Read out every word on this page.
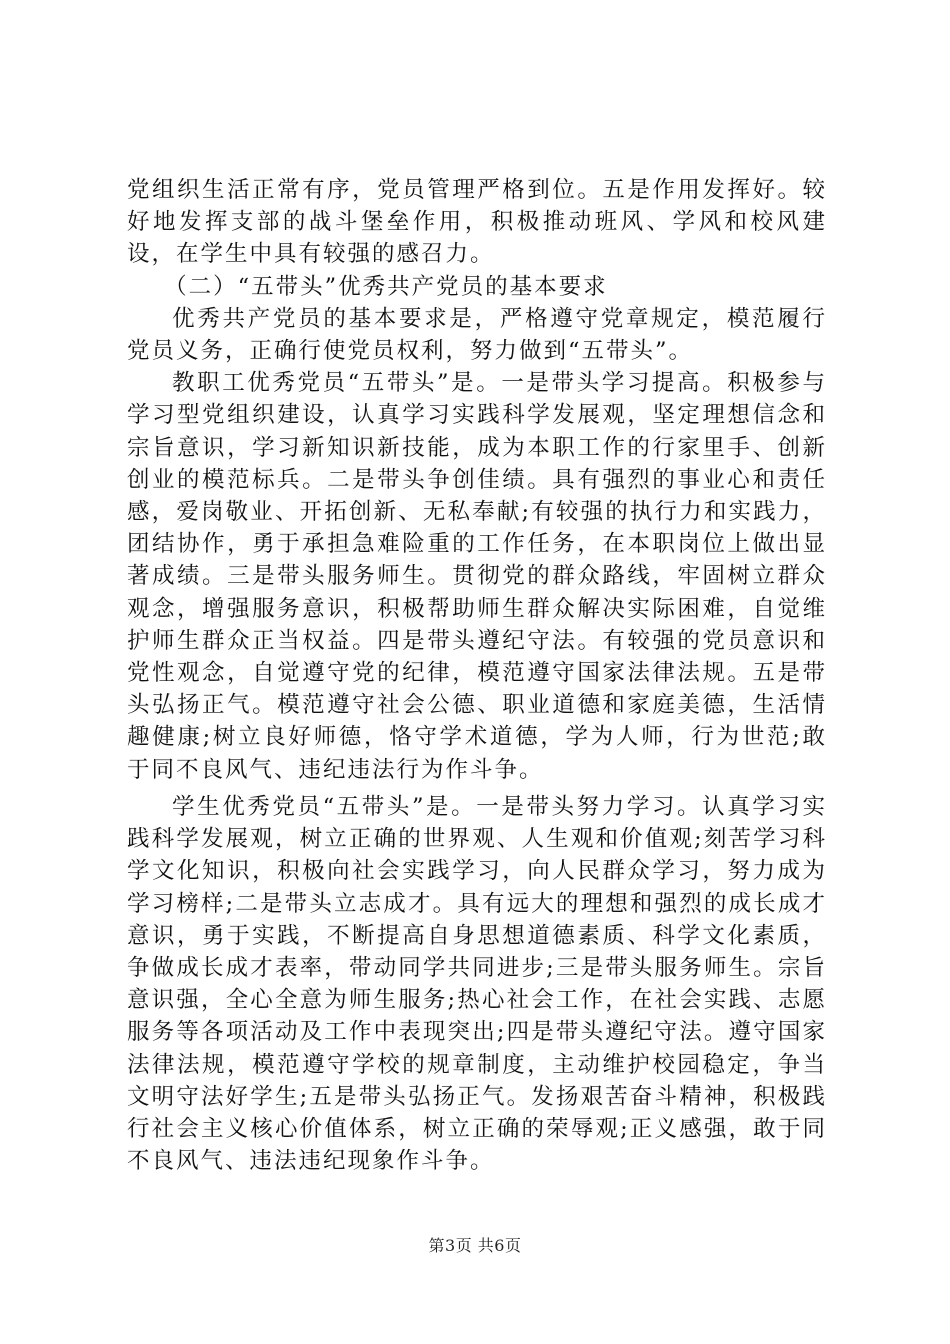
党组织生活正常有序，党员管理严格到位。五是作用发挥好。较好地发挥支部的战斗堡垒作用，积极推动班风、学风和校风建设，在学生中具有较强的感召力。

（二）“五带头”优秀共产党员的基本要求

优秀共产党员的基本要求是，严格遵守党章规定，模范履行党员义务，正确行使党员权利，努力做到“五带头”。

教职工优秀党员“五带头”是。一是带头学习提高。积极参与学习型党组织建设，认真学习实践科学发展观，坚定理想信念和宗旨意识，学习新知识新技能，成为本职工作的行家里手、创新创业的模范标兵。二是带头争创佳绩。具有强烈的事业心和责任感，爱岗敬业、开拓创新、无私奉献;有较强的执行力和实践力，团结协作，勇于承担急难险重的工作任务，在本职岗位上做出显著成绩。三是带头服务师生。贯彻党的群众路线，牢固树立群众观念，增强服务意识，积极帮助师生群众解决实际困难，自觉维护师生群众正当权益。四是带头遵纪守法。有较强的党员意识和党性观念，自觉遵守党的纪律，模范遵守国家法律法规。五是带头弘扬正气。模范遵守社会公德、职业道德和家庭美德，生活情趣健康;树立良好师德，恪守学术道德，学为人师，行为世范;敢于同不良风气、违纪违法行为作斗争。

学生优秀党员“五带头”是。一是带头努力学习。认真学习实践科学发展观，树立正确的世界观、人生观和价值观;刻苦学习科学文化知识，积极向社会实践学习，向人民群众学习，努力成为学习榜样;二是带头立志成才。具有远大的理想和强烈的成长成才意识，勇于实践，不断提高自身思想道德素质、科学文化素质，争做成长成才表率，带动同学共同进步;三是带头服务师生。宗旨意识强，全心全意为师生服务;热心社会工作，在社会实践、志愿服务等各项活动及工作中表现突出;四是带头遵纪守法。遵守国家法律法规，模范遵守学校的规章制度，主动维护校园稳定，争当文明守法好学生;五是带头弘扬正气。发扬艰苦奋斗精神，积极践行社会主义核心价值体系，树立正确的荣辱观;正义感强，敢于同不良风气、违法违纪现象作斗争。

第3页 共6页
